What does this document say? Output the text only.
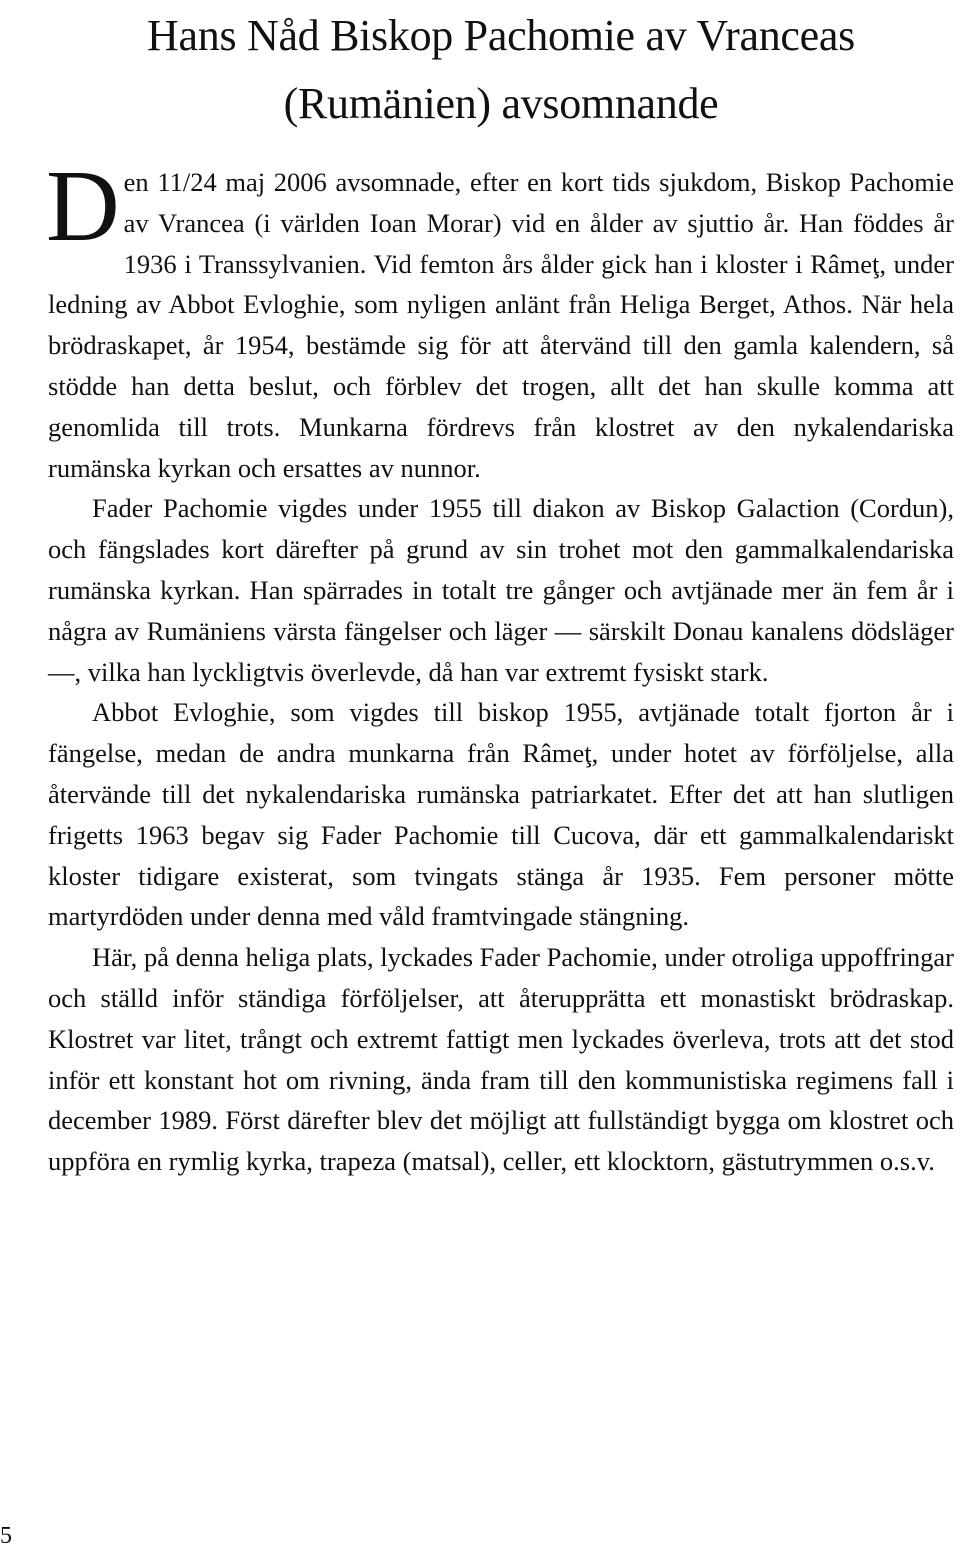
Hans Nåd Biskop Pachomie av Vranceas
(Rumänien) avsomnande

Den 11/24 maj 2006 avsomnade, efter en kort tids sjukdom, Biskop Pachomie av Vrancea (i världen Ioan Morar) vid en ålder av sjuttio år. Han föddes år 1936 i Transsylvanien. Vid femton års ålder gick han i kloster i Râmeţ, under ledning av Abbot Evloghie, som nyligen anlänt från Heliga Berget, Athos. När hela brödraskapet, år 1954, bestämde sig för att återvänd till den gamla kalendern, så stödde han detta beslut, och förblev det trogen, allt det han skulle komma att genomlida till trots. Munkarna fördrevs från klostret av den nykalendariska rumänska kyrkan och ersattes av nunnor.

Fader Pachomie vigdes under 1955 till diakon av Biskop Galaction (Cordun), och fängslades kort därefter på grund av sin trohet mot den gammalkalendariska rumänska kyrkan. Han spärrades in totalt tre gånger och avtjänade mer än fem år i några av Rumäniens värsta fängelser och läger — särskilt Donau kanalens dödsläger—, vilka han lyckligtvis överlevde, då han var extremt fysiskt stark.

Abbot Evloghie, som vigdes till biskop 1955, avtjänade totalt fjorton år i fängelse, medan de andra munkarna från Râmeţ, under hotet av förföljelse, alla återvände till det nykalendariska rumänska patriarkatet. Efter det att han slutligen frigetts 1963 begav sig Fader Pachomie till Cucova, där ett gammalkalendariskt kloster tidigare existerat, som tvingats stänga år 1935. Fem personer mötte martyrdöden under denna med våld framtvingade stängning.

Här, på denna heliga plats, lyckades Fader Pachomie, under otroliga uppoffringar och ställd inför ständiga förföljelser, att återupprätta ett monastiskt brödraskap. Klostret var litet, trångt och extremt fattigt men lyckades överleva, trots att det stod inför ett konstant hot om rivning, ända fram till den kommunistiska regimens fall i december 1989. Först därefter blev det möjligt att fullständigt bygga om klostret och uppföra en rymlig kyrka, trapeza (matsal), celler, ett klocktorn, gästutrymmen o.s.v.

5
